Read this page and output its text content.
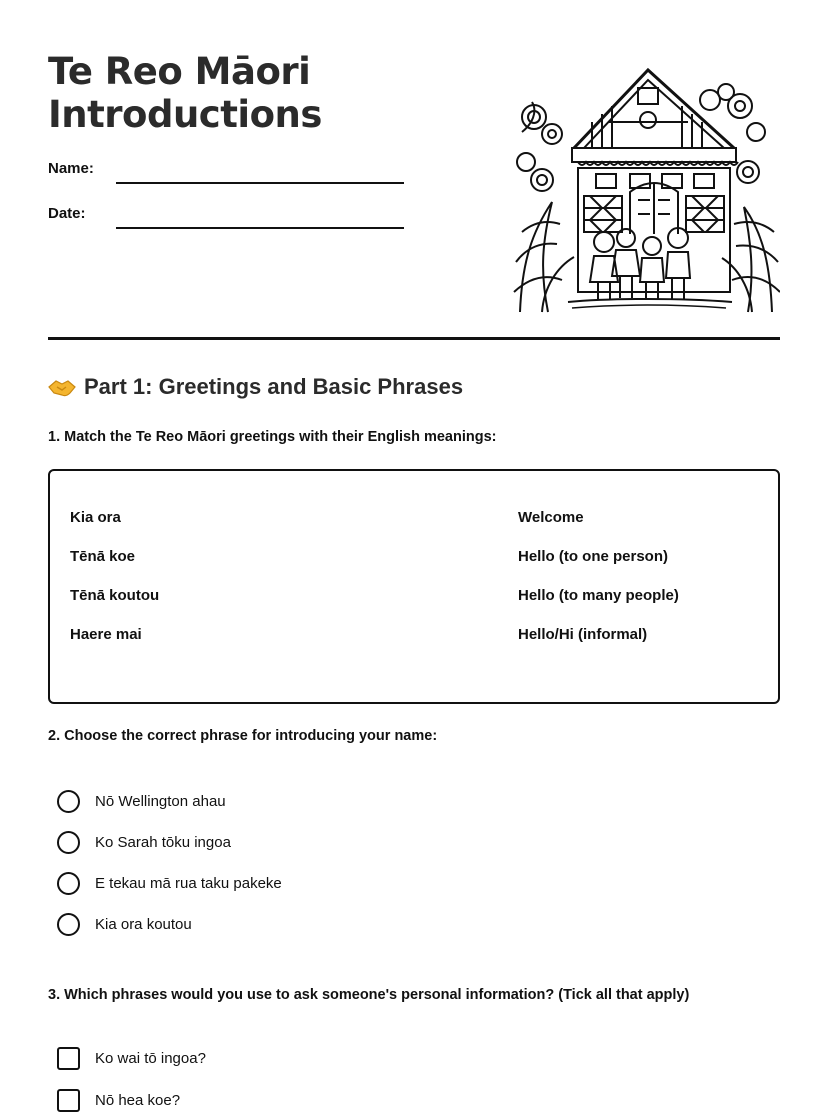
Te Reo Māori
Introductions
Name:
Date:
Part 1: Greetings and Basic Phrases
1. Match the Te Reo Māori greetings with their English meanings:
Kia ora	Welcome
Tēnā koe	Hello (to one person)
Tēnā koutou	Hello (to many people)
Haere mai	Hello/Hi (informal)
2. Choose the correct phrase for introducing your name:
Nō Wellington ahau
Ko Sarah tōku ingoa
E tekau mā rua taku pakeke
Kia ora koutou
3. Which phrases would you use to ask someone's personal information? (Tick all that apply)
Ko wai tō ingoa?
Nō hea koe?
